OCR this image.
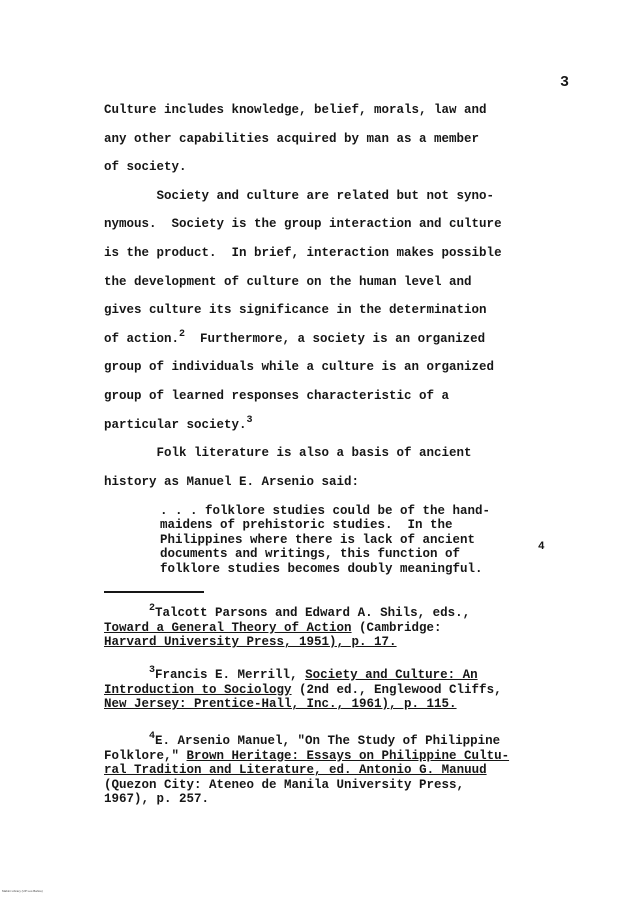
3

Culture includes knowledge, belief, morals, law and

any other capabilities acquired by man as a member

of society.

Society and culture are related but not syno-

nymous.  Society is the group interaction and culture

is the product.  In brief, interaction makes possible

the development of culture on the human level and

gives culture its significance in the determination

of action.$^2$  Furthermore, a society is an organized

group of individuals while a culture is an organized

group of learned responses characteristic of a

particular society.$^3$

Folk literature is also a basis of ancient

history as Manuel E. Arsenio said:

. . . folklore studies could be of the hand-

maidens of prehistoric studies.  In the

Philippines where there is lack of ancient

documents and writings, this function of	4

folklore studies becomes doubly meaningful.

$^2$Talcott Parsons and Edward A. Shils, eds.,

Toward a General Theory of Action (Cambridge:

Harvard University Press, 1951), p. 17.

$^3$Francis E. Merrill, Society and Culture: An

Introduction to Sociology (2nd ed., Englewood Cliffs,

New Jersey: Prentice-Hall, Inc., 1961), p. 115.

$^4$E. Arsenio Manuel, "On The Study of Philippine

Folklore," Brown Heritage: Essays on Philippine Cultu-

ral Tradition and Literature, ed. Antonio G. Manuud

(Quezon City: Ateneo de Manila University Press,

1967), p. 257.

Mabini Library (UP Los Baños)
